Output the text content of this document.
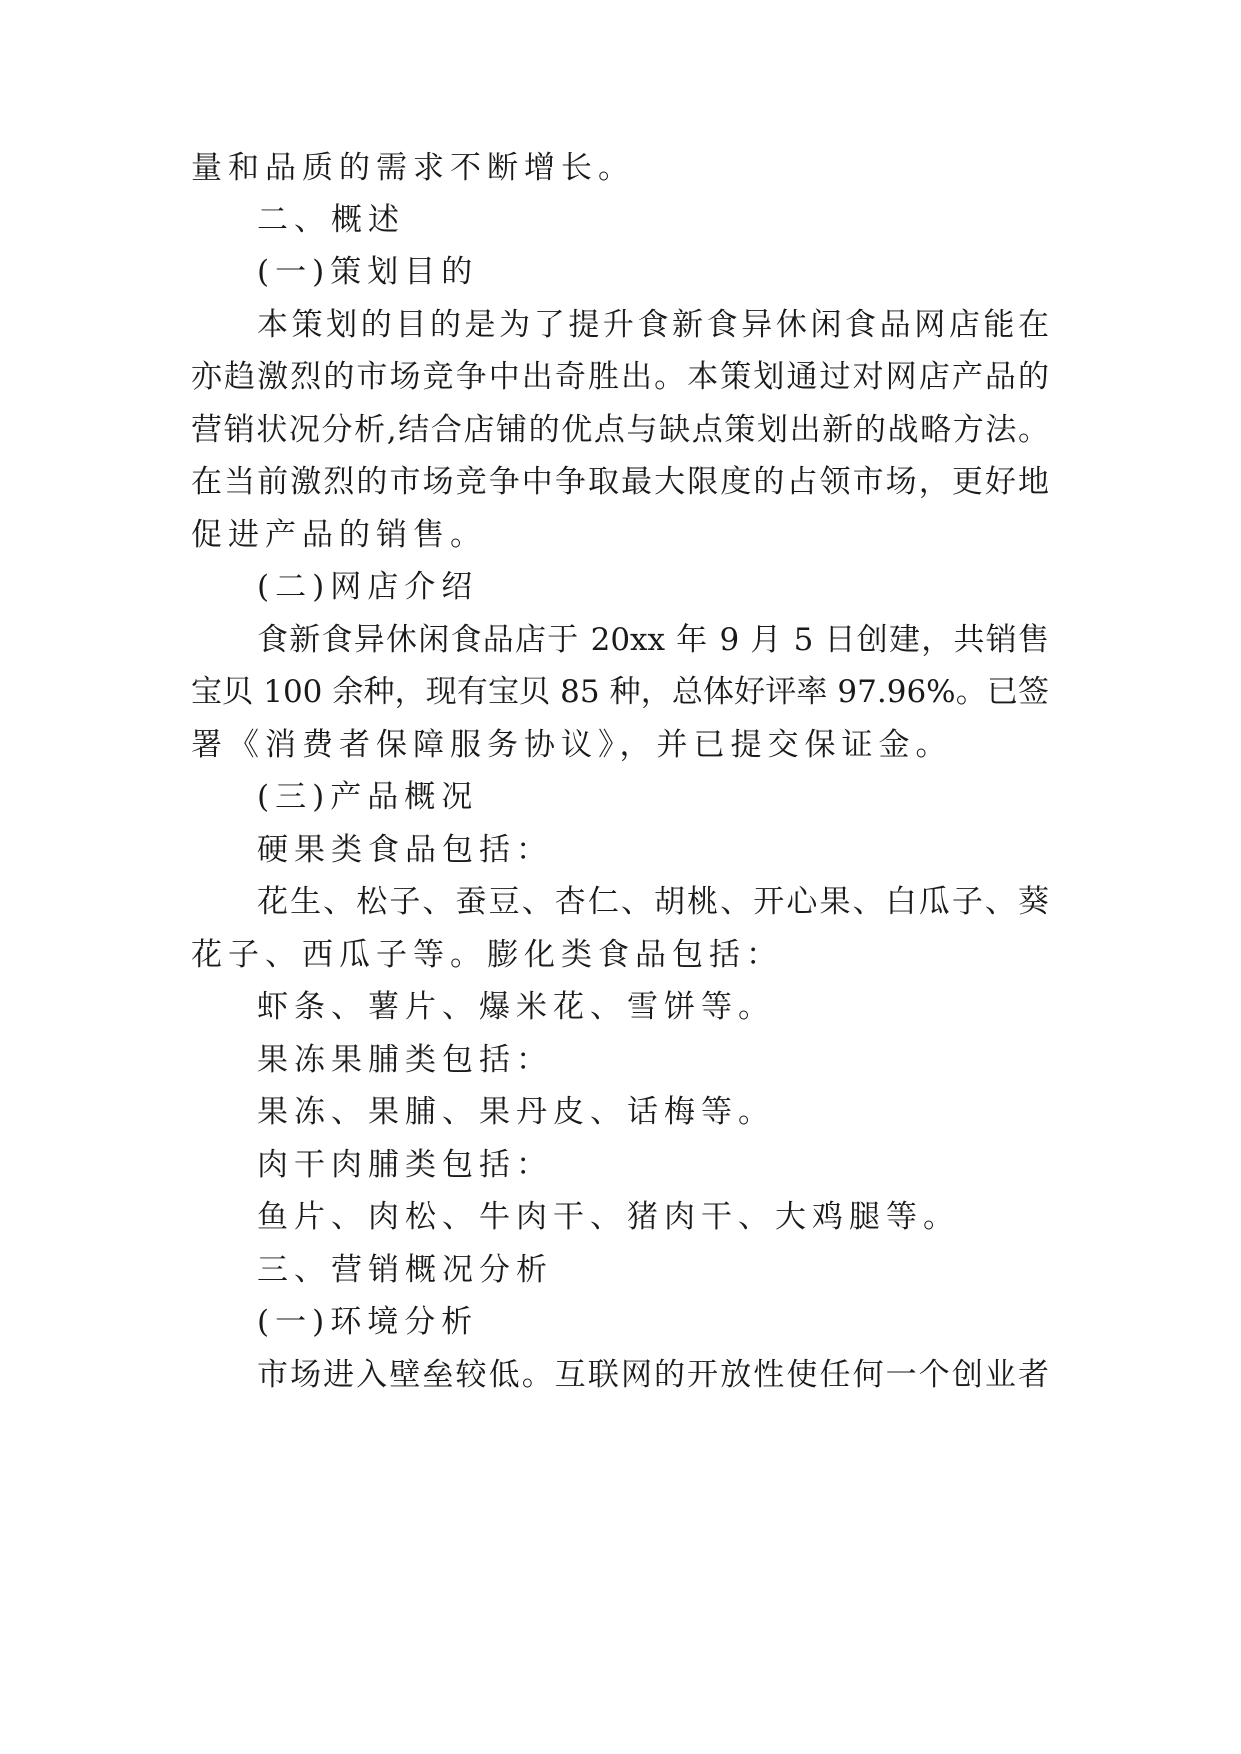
量和品质的需求不断增长。
二、概述
(一)策划目的
本策划的目的是为了提升食新食异休闲食品网店能在
亦趋激烈的市场竞争中出奇胜出。本策划通过对网店产品的
营销状况分析,结合店铺的优点与缺点策划出新的战略方法。
在当前激烈的市场竞争中争取最大限度的占领市场，更好地
促进产品的销售。
(二)网店介绍
食新食异休闲食品店于 20xx 年 9 月 5 日创建，共销售
宝贝 100 余种，现有宝贝 85 种，总体好评率 97.96%。已签
署《消费者保障服务协议》，并已提交保证金。
(三)产品概况
硬果类食品包括：
花生、松子、蚕豆、杏仁、胡桃、开心果、白瓜子、葵
花子、西瓜子等。膨化类食品包括：
虾条、薯片、爆米花、雪饼等。
果冻果脯类包括：
果冻、果脯、果丹皮、话梅等。
肉干肉脯类包括：
鱼片、肉松、牛肉干、猪肉干、大鸡腿等。
三、营销概况分析
(一)环境分析
市场进入壁垒较低。互联网的开放性使任何一个创业者
